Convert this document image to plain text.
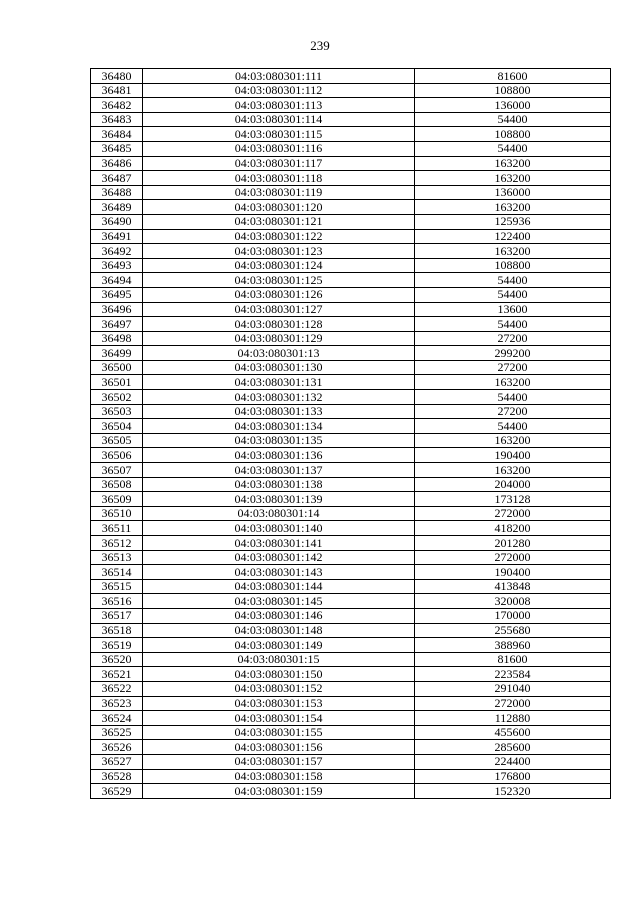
239
36480	04:03:080301:111	81600
36481	04:03:080301:112	108800
36482	04:03:080301:113	136000
36483	04:03:080301:114	54400
36484	04:03:080301:115	108800
36485	04:03:080301:116	54400
36486	04:03:080301:117	163200
36487	04:03:080301:118	163200
36488	04:03:080301:119	136000
36489	04:03:080301:120	163200
36490	04:03:080301:121	125936
36491	04:03:080301:122	122400
36492	04:03:080301:123	163200
36493	04:03:080301:124	108800
36494	04:03:080301:125	54400
36495	04:03:080301:126	54400
36496	04:03:080301:127	13600
36497	04:03:080301:128	54400
36498	04:03:080301:129	27200
36499	04:03:080301:13	299200
36500	04:03:080301:130	27200
36501	04:03:080301:131	163200
36502	04:03:080301:132	54400
36503	04:03:080301:133	27200
36504	04:03:080301:134	54400
36505	04:03:080301:135	163200
36506	04:03:080301:136	190400
36507	04:03:080301:137	163200
36508	04:03:080301:138	204000
36509	04:03:080301:139	173128
36510	04:03:080301:14	272000
36511	04:03:080301:140	418200
36512	04:03:080301:141	201280
36513	04:03:080301:142	272000
36514	04:03:080301:143	190400
36515	04:03:080301:144	413848
36516	04:03:080301:145	320008
36517	04:03:080301:146	170000
36518	04:03:080301:148	255680
36519	04:03:080301:149	388960
36520	04:03:080301:15	81600
36521	04:03:080301:150	223584
36522	04:03:080301:152	291040
36523	04:03:080301:153	272000
36524	04:03:080301:154	112880
36525	04:03:080301:155	455600
36526	04:03:080301:156	285600
36527	04:03:080301:157	224400
36528	04:03:080301:158	176800
36529	04:03:080301:159	152320
